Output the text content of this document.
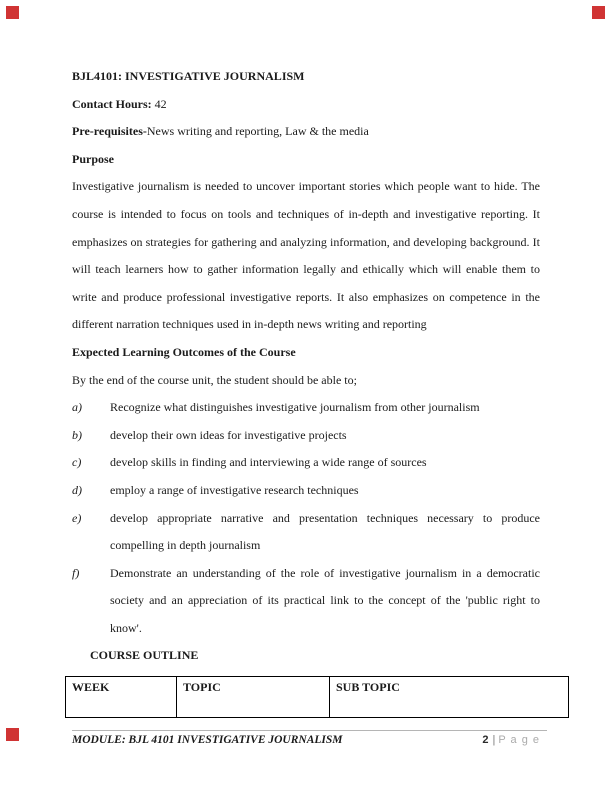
BJL4101: INVESTIGATIVE JOURNALISM

Contact Hours: 42

Pre-requisites-News writing and reporting, Law & the media

Purpose

Investigative journalism is needed to uncover important stories which people want to hide. The
course is intended to focus on tools and techniques of in-depth and investigative reporting. It
emphasizes on strategies for gathering and analyzing information, and developing background. It
will teach learners how to gather information legally and ethically which will enable them to
write and produce professional investigative reports. It also emphasizes on competence in the
different narration techniques used in in-depth news writing and reporting

Expected Learning Outcomes of the Course

By the end of the course unit, the student should be able to;

a) Recognize what distinguishes investigative journalism from other journalism
b) develop their own ideas for investigative projects
c) develop skills in finding and interviewing a wide range of sources
d) employ a range of investigative research techniques
e) develop appropriate narrative and presentation techniques necessary to produce
compelling in depth journalism
f)	Demonstrate an understanding of the role of investigative journalism in a democratic
society and an appreciation of its practical link to the concept of the 'public right to
know'.

COURSE OUTLINE

WEEK	TOPIC	SUB TOPIC
MODULE: BJL 4101 INVESTIGATIVE JOURNALISM	2 | P a g e
